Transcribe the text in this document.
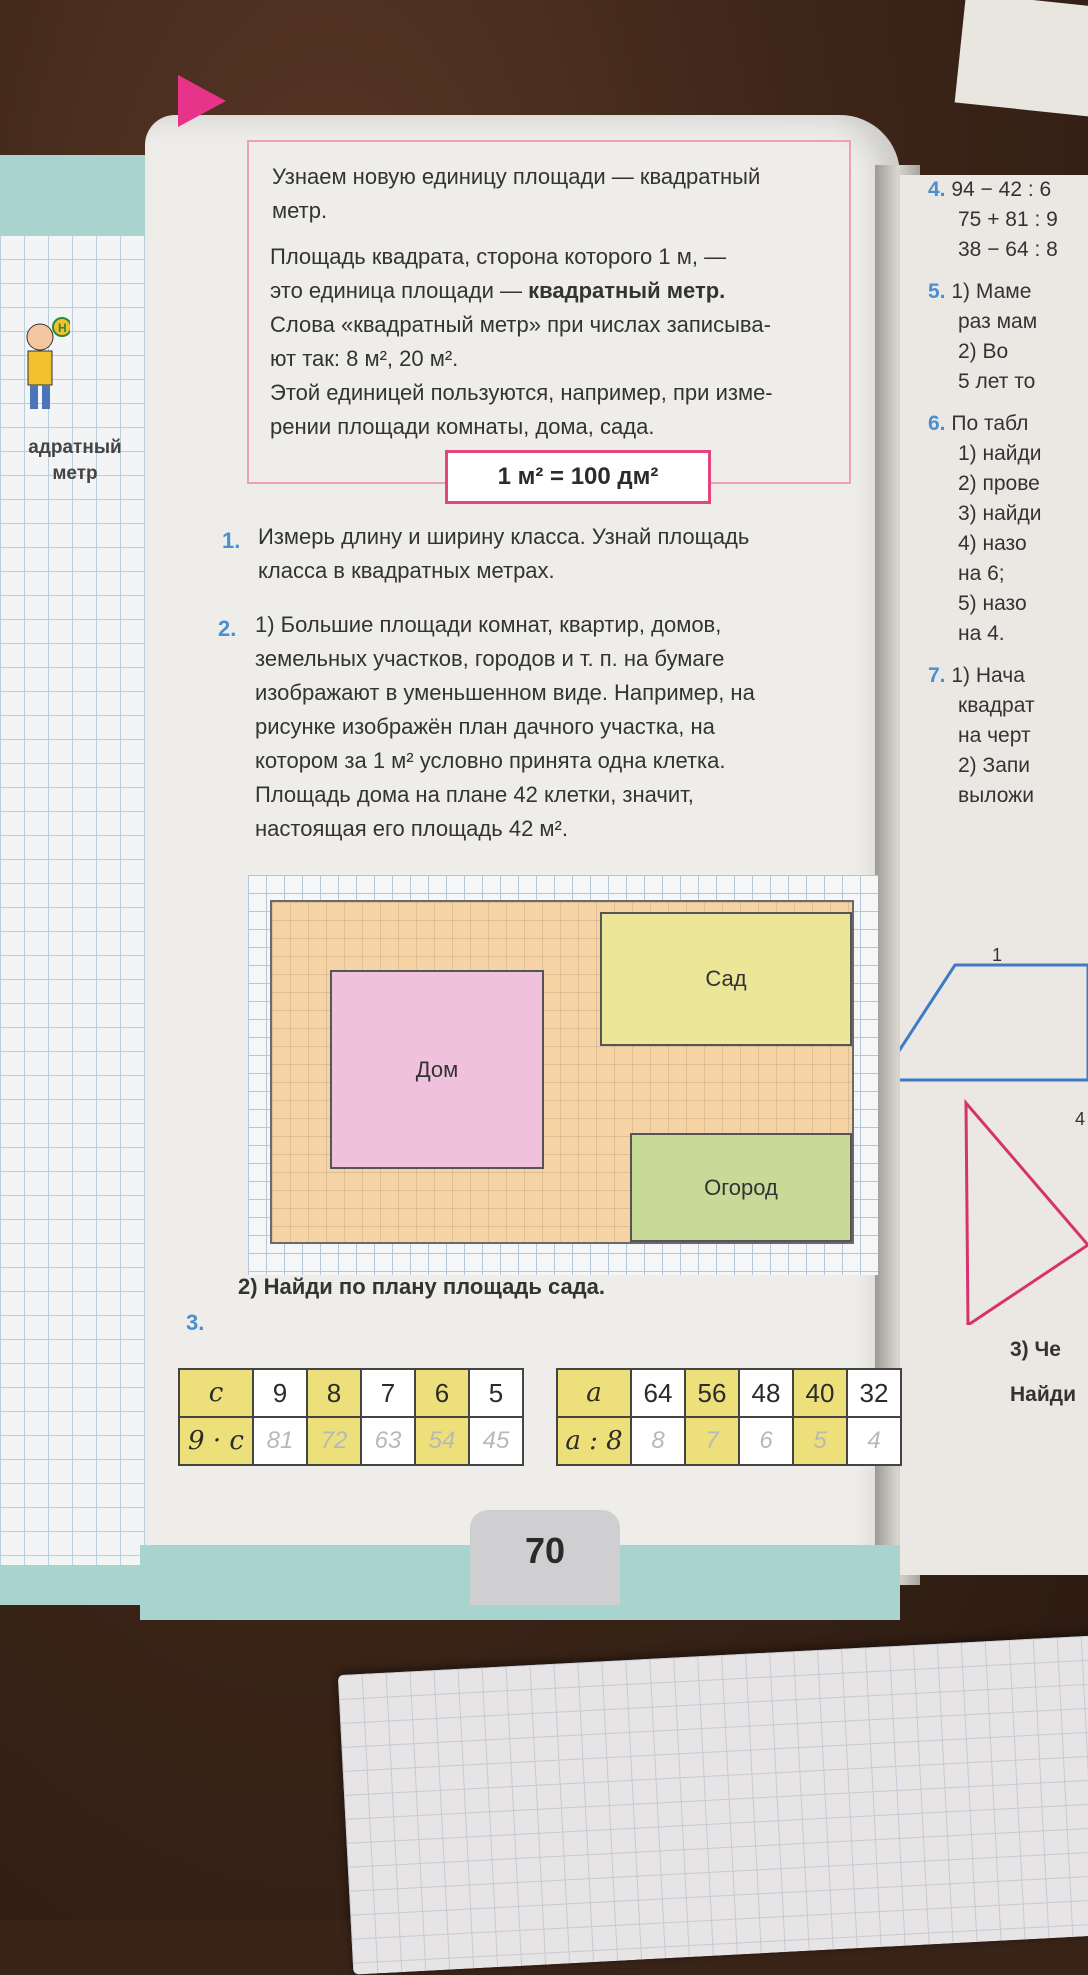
Н
адратный
метр
4. 94 − 42 : 6
75 + 81 : 9
38 − 64 : 8
5. 1) Маме
раз мам
2) Во
5 лет то
6. По табл
1) найди
2) прове
3) найди
4) назо
на 6;
5) назо
на 4.
7. 1) Нача
квадрат
на черт
2) Запи
выложи
1
4
3) Че
Найди
70
Узнаем новую единицу площади — квадратный
метр.
Площадь квадрата, сторона которого 1 м, —
это единица площади — квадратный метр.
Слова «квадратный метр» при числах записыва-
ют так: 8 м², 20 м².
Этой единицей пользуются, например, при изме-
рении площади комнаты, дома, сада.
1 м² = 100 дм²
1. Измерь длину и ширину класса. Узнай площадь
класса в квадратных метрах.
2. 1) Большие площади комнат, квартир, домов,
земельных участков, городов и т. п. на бумаге
изображают в уменьшенном виде. Например, на
рисунке изображён план дачного участка, на
котором за 1 м² условно принята одна клетка.
Площадь дома на плане 42 клетки, значит,
настоящая его площадь 42 м².
Дом
Сад
Огород
2) Найди по плану площадь сада.
3.
c	9	8	7	6	5
9 · c	81	72	63	54	45
a	64	56	48	40	32
a : 8	8	7	6	5	4
